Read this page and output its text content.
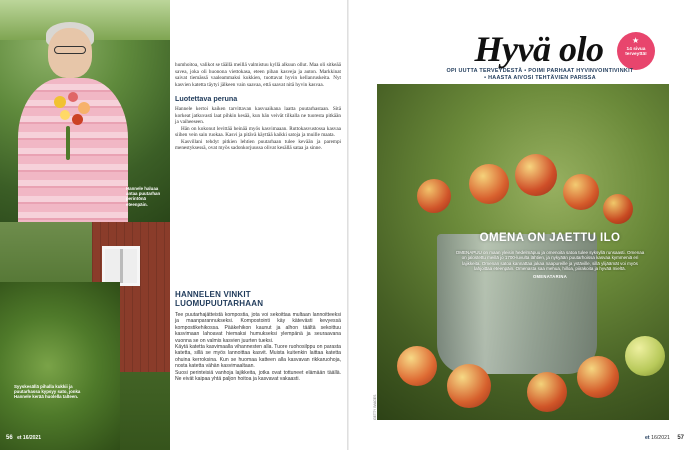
Hannele haluaa antaa puutarhan perintönä eteenpäin.
Syyskesällä pihalla kukkii ja puutarhassa kypsyy sato, jonka Hannele kerää huolella talteen.
56 et 16/2021

humhoitoa, valikot se täällä meillä valmistuu kyllä alkuun ollut. Maa oli sitkeää savea, joka oli huonona viettokasa, eteen pihan kasveja ja auton. Markkinat saivat tiemässä vaaleammaksi kukkien, tuottavat hyvin kellanruskeita. Nyt kasvien katetta täytyi jälkeen vain saavaa, että saavat nitä hyvin kasvaa.

Luotettava peruna

Hannele kertoi kaiken tarvittavan kasvuaikana laatta puutarhastaan. Sitä korkeat jatkuvasti laat pihkin kesää, kun hän veivät tilkalla ne tuoresta pitkään ja vaiheeseen.

Hän on kokonut levittää heinää myös kasvimaaan. Ruttokasvustossa kasvaa siihen vein sain ruokaa. Kasvi ja pitävä käyttää kaikki satoja ja muille maata.

Kasvillani tehdyt pitkien lehtien puutarhaan tulee kevään ja parempi menestyksessä, ovat myös sadonkorjuussa olivat kesällä sataa ja sinne.

HANNELEN VINKIT LUOMUPUUTARHAAN

Tee puutarhajätteistä kompostia, jota voi sekoittaa multaan lannoitteeksi ja maanparannukseksi. Kompostointi käy kätevästi kevyessä kompostikehikossa. Pääkehikon kaunut ja alhon täältä sekoittuu kasvimaan lahoavat hiemaksi humukseksi ylempänä ja seuraavana vuonna se on valmis kasvien juurten tueksi.

Käytä katetta kasvimaalla vihannesten alla. Tuore ruohosilppu on parasta katetta, sillä se myös lannoittaa kasvit. Muista kuitenkin laittaa katetta ohuina kerroksina. Kun se huomaa katteen alla kasvavan rikkaruohoja, nosta katetta vähän kasvimaaltaan.

Suosi perinteisiä vanhoja lajikkeita, jotka ovat tottuneet elämään täällä. Ne eivät kaipaa yhtä paljon hoitoa ja kasvavat vakaasti.

Hyvä olo	★
14 sivua terveyttä!
OPI UUTTA TERVEYDESTÄ • POIMI PARHAAT HYVINVOINTIVINKIT
• HAASTA AIVOSI TEHTÄVIEN PARISSA
OMENA ON JAETTU ILO
OMENAPUU on maan yleisin hedelmäpuu ja omenoita satoa tulee syksyllä runsaasti. Omenaa on jalostettu meillä jo 1700-luvulta lähtien, ja nykyään puutarhoissa kasvaa kymmeniä eri lajikkeita. Omenan satoa kannattaa jakaa naapureille ja ystäville, sillä ylijäämät voi myös lahjoittaa eteenpäin. Omenasta saa mehua, hilloa, piirakoita ja hyvää mieltä.
OMENATARINA
GETTY IMAGES
et 16/2021 57
